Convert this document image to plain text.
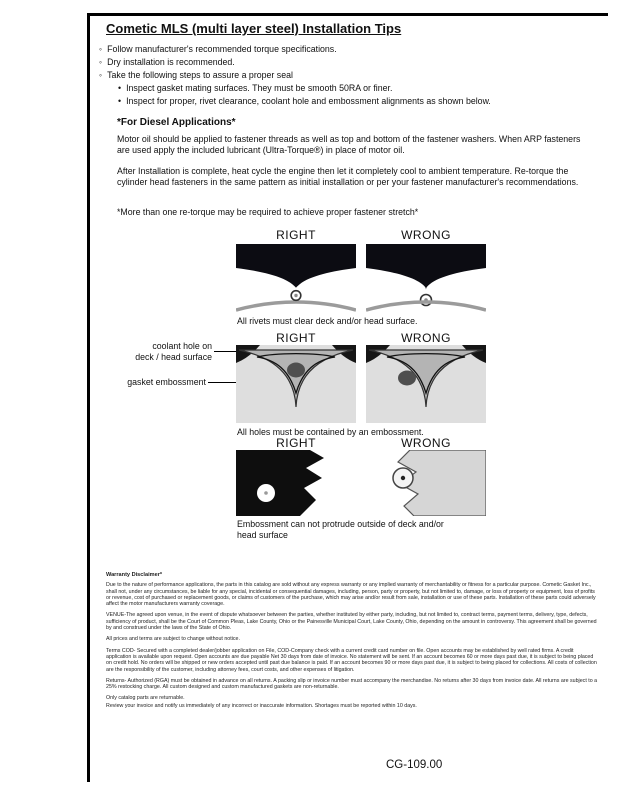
Cometic MLS (multi layer steel) Installation Tips
◦ Follow manufacturer's recommended torque specifications.
◦ Dry installation is recommended.
◦ Take the following steps to assure a proper seal
• Inspect gasket mating surfaces. They must be smooth 50RA or finer.
• Inspect for proper, rivet clearance, coolant hole and embossment alignments as shown below.
*For Diesel Applications*
Motor oil should be applied to fastener threads as well as top and bottom of the fastener washers. When ARP fasteners are used apply the included lubricant (Ultra-Torque®) in place of motor oil.
After Installation is complete, heat cycle the engine then let it completely cool to ambient temperature. Re-torque the cylinder head fasteners in the same pattern as initial installation or per your fastener manufacturer's recommendations.
*More than one re-torque may be required to achieve proper fastener stretch*
RIGHT	WRONG
All rivets must clear deck and/or head surface.
RIGHT	WRONG
coolant hole on
deck / head surface
gasket embossment
All holes must be contained by an embossment.
RIGHT	WRONG
Embossment can not protrude outside of deck and/or head surface

Warranty Disclaimer*

Due to the nature of performance applications, the parts in this catalog are sold without any express warranty or any implied warranty of merchantability or fitness for a particular purpose. Cometic Gasket Inc., shall not, under any circumstances, be liable for any special, incidental or consequential damages, including, person, party or property, but not limited to, damage, or loss of property or equipment, loss of profits or revenue, cost of purchased or replacement goods, or claims of customers of the purchase, which may arise and/or result from sale, installation or use of these parts. Installation of these parts could adversely affect the motor manufacturers warranty coverage.

VENUE-The agreed upon venue, in the event of dispute whatsoever between the parties, whether instituted by either party, including, but not limited to, contract terms, payment terms, delivery, type, defects, sufficiency of product, shall be the Court of Common Pleas, Lake County, Ohio or the Painesville Municipal Court, Lake County, Ohio, depending on the amount in controversy. This agreement shall be governed by and construed under the laws of the State of Ohio.

All prices and terms are subject to change without notice.

Terms COD- Secured with a completed dealer/jobber application on File, COD-Company check with a current credit card number on file. Open accounts may be established by well rated firms. A credit application is available upon request. Open accounts are due payable Net 30 days from date of invoice. No statement will be sent. If an account becomes 60 or more days past due, it is subject to being placed on credit hold. No orders will be shipped or new orders accepted until past due balance is paid. If an account becomes 90 or more days past due, it is subject to being placed for collections. All costs of collection are the responsibility of the customer, including attorney fees, court costs, and other expenses of litigation.

Returns- Authorized (RGA) must be obtained in advance on all returns. A packing slip or invoice number must accompany the merchandise. No returns after 30 days from invoice date. All returns are subject to a 25% restocking charge. All custom designed and custom manufactured gaskets are non-returnable.

Only catalog parts are returnable.

Review your invoice and notify us immediately of any incorrect or inaccurate information. Shortages must be reported within 10 days.

CG-109.00
